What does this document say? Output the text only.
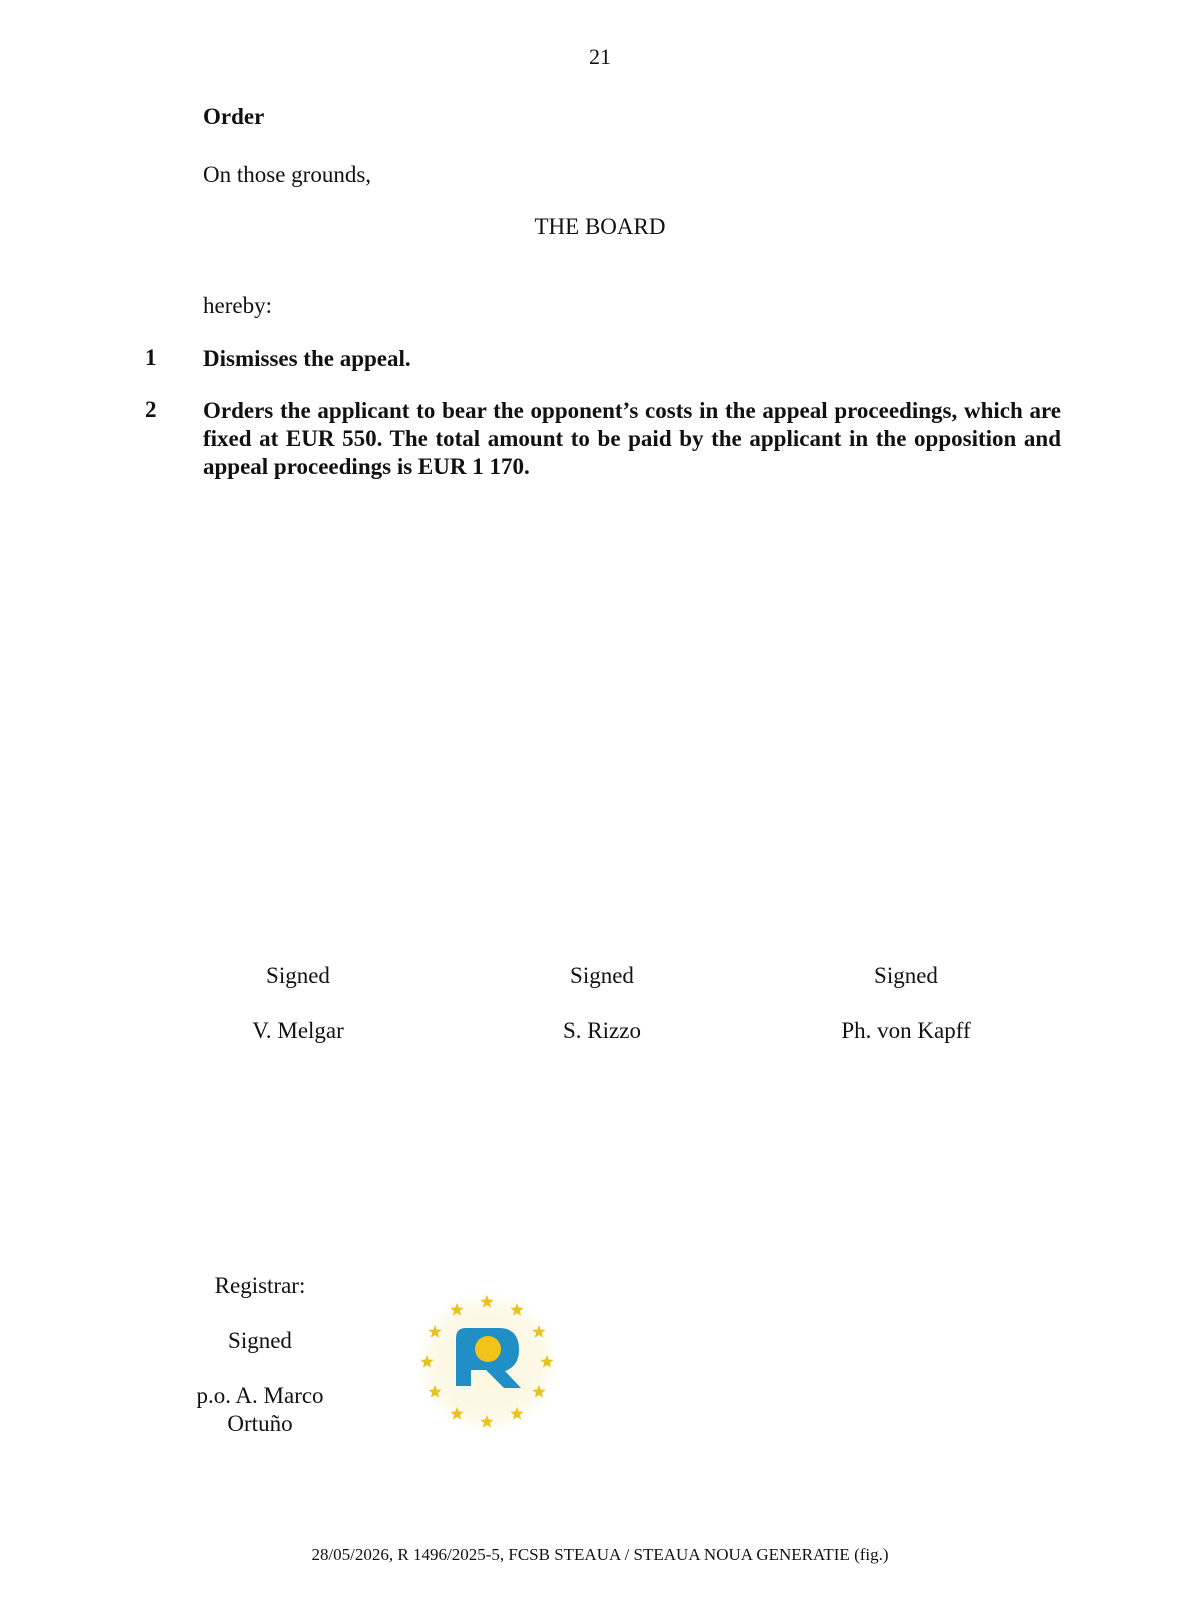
21
Order
On those grounds,
THE BOARD
hereby:
1 Dismisses the appeal.
2 Orders the applicant to bear the opponent’s costs in the appeal proceedings, which are fixed at EUR 550. The total amount to be paid by the applicant in the opposition and appeal proceedings is EUR 1 170.
Signed
V. Melgar
Signed
S. Rizzo
Signed
Ph. von Kapff
Registrar:
Signed
p.o. A. Marco Ortuño
28/05/2026, R 1496/2025-5, FCSB STEAUA / STEAUA NOUA GENERATIE (fig.)
